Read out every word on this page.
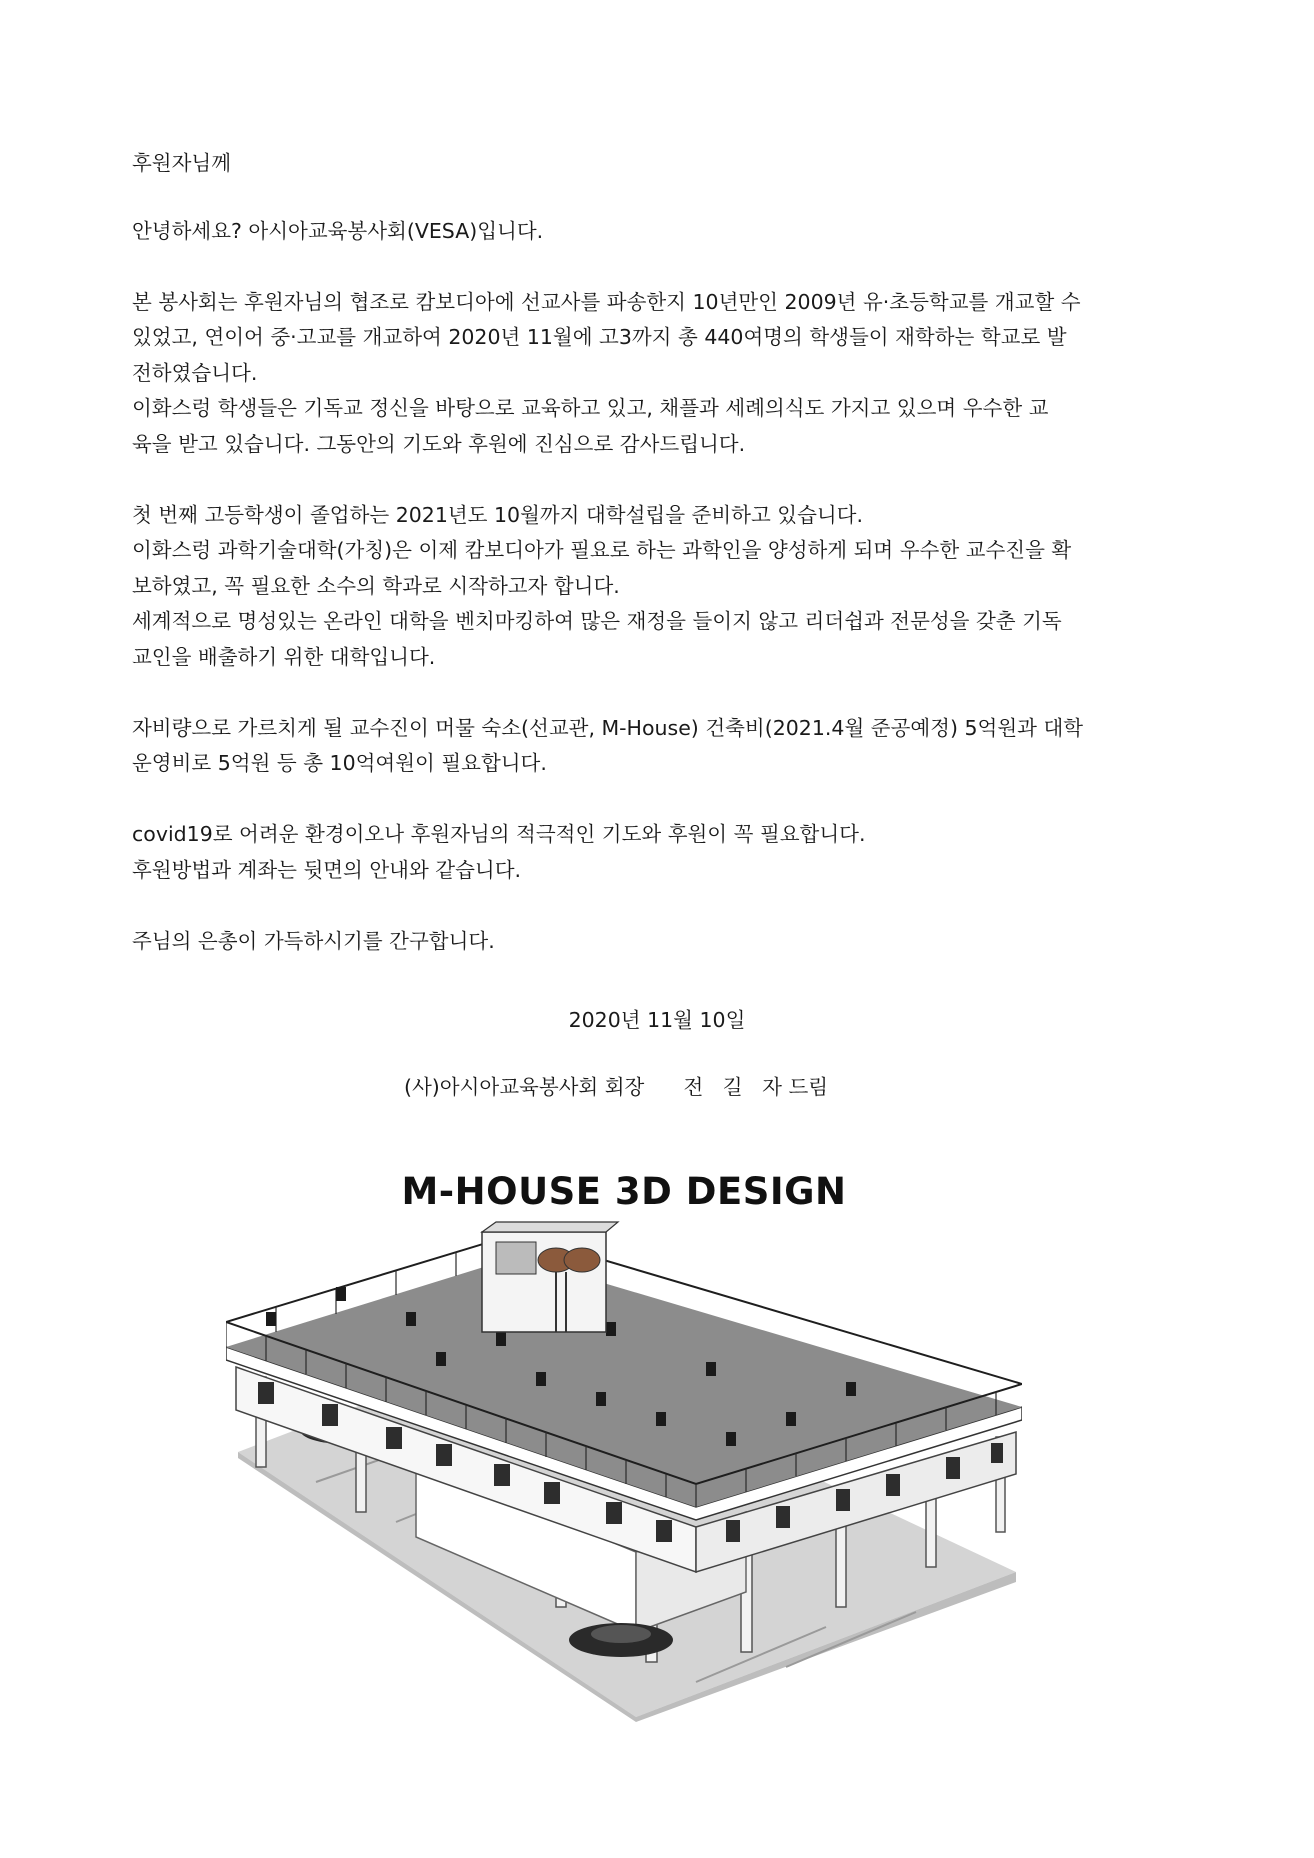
후원자님께

안녕하세요? 아시아교육봉사회(VESA)입니다.

본 봉사회는 후원자님의 협조로 캄보디아에 선교사를 파송한지 10년만인 2009년 유·초등학교를 개교할 수

있었고, 연이어 중·고교를 개교하여 2020년 11월에 고3까지 총 440여명의 학생들이 재학하는 학교로 발

전하였습니다.

이화스렁 학생들은 기독교 정신을 바탕으로 교육하고 있고, 채플과 세례의식도 가지고 있으며 우수한 교

육을 받고 있습니다. 그동안의 기도와 후원에 진심으로 감사드립니다.

첫 번째 고등학생이 졸업하는 2021년도 10월까지 대학설립을 준비하고 있습니다.

이화스렁 과학기술대학(가칭)은 이제 캄보디아가 필요로 하는 과학인을 양성하게 되며 우수한 교수진을 확

보하였고, 꼭 필요한 소수의 학과로 시작하고자 합니다.

세계적으로 명성있는 온라인 대학을 벤치마킹하여 많은 재정을 들이지 않고 리더쉽과 전문성을 갖춘 기독

교인을 배출하기 위한 대학입니다.

자비량으로 가르치게 될 교수진이 머물 숙소(선교관, M-House) 건축비(2021.4월 준공예정) 5억원과 대학

운영비로 5억원 등 총 10억여원이 필요합니다.

covid19로 어려운 환경이오나 후원자님의 적극적인 기도와 후원이 꼭 필요합니다.

후원방법과 계좌는 뒷면의 안내와 같습니다.

주님의 은총이 가득하시기를 간구합니다.

2020년 11월 10일
(사)아시아교육봉사회 회장      전   길   자 드림
M-HOUSE 3D DESIGN
